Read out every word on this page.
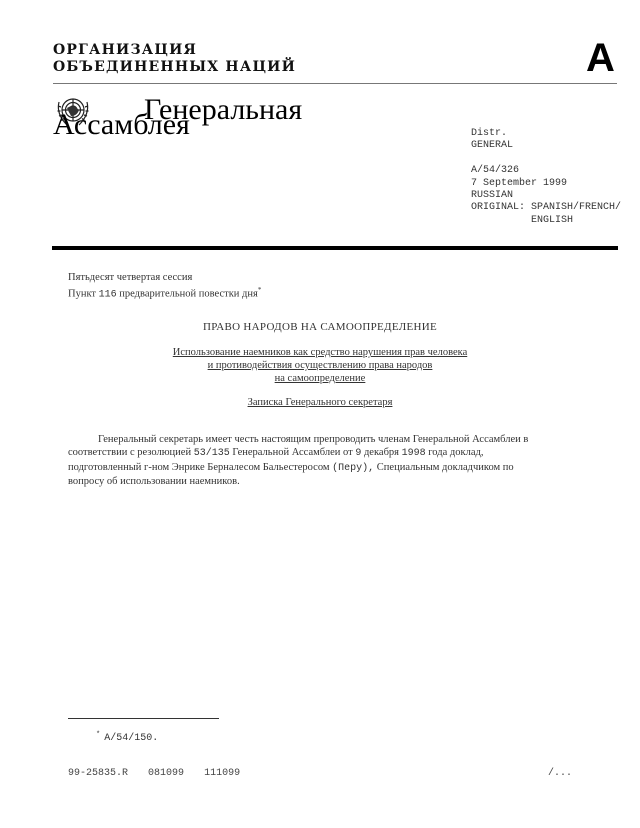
ОРГАНИЗАЦИЯ
ОБЪЕДИНЕННЫХ НАЦИЙ	A
Генеральная
Ассамблея	Distr.
GENERAL

A/54/326
7 September 1999
RUSSIAN
ORIGINAL: SPANISH/FRENCH/
ENGLISH
Пятьдесят четвертая сессия
Пункт 116 предварительной повестки дня*
ПРАВО НАРОДОВ НА САМООПРЕДЕЛЕНИЕ
Использование наемников как средство нарушения прав человека
и противодействия осуществлению права народов
на самоопределение
Записка Генерального секретаря
Генеральный секретарь имеет честь настоящим препроводить членам Генеральной Ассамблеи в
соответствии с резолюцией 53/135 Генеральной Ассамблеи от 9 декабря 1998 года доклад,
подготовленный г-ном Энрике Берналесом Бальестеросом (Перу), Специальным докладчиком по
вопросу об использовании наемников.
* A/54/150.
99-25835.R 081099 111099	/...
